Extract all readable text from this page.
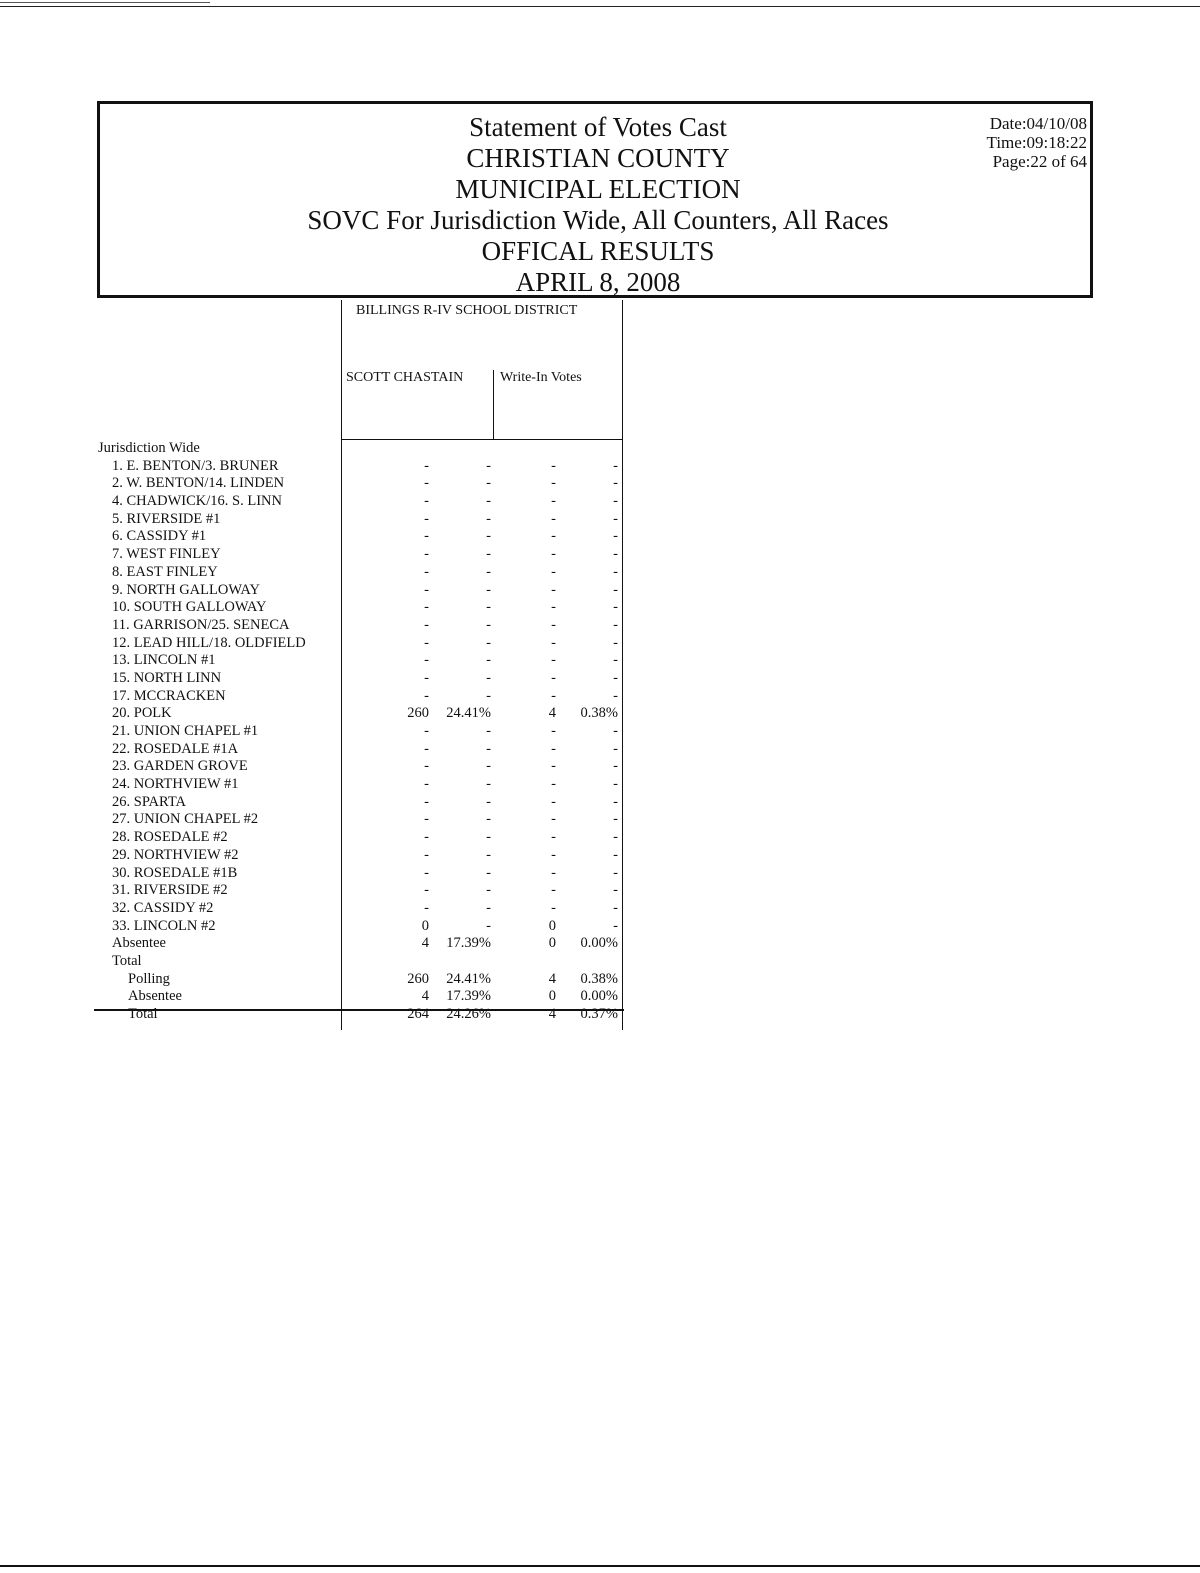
Statement of Votes Cast
CHRISTIAN COUNTY
MUNICIPAL ELECTION
SOVC For Jurisdiction Wide, All Counters, All Races
OFFICAL RESULTS
APRIL 8, 2008
Date:04/10/08
Time:09:18:22
Page:22 of 64
BILLINGS R-IV SCHOOL DISTRICT
SCOTT CHASTAIN	Write-In Votes
Jurisdiction Wide
1. E. BENTON/3. BRUNER	-	-	-	-
2. W. BENTON/14. LINDEN	-	-	-	-
4. CHADWICK/16. S. LINN	-	-	-	-
5. RIVERSIDE #1	-	-	-	-
6. CASSIDY #1	-	-	-	-
7. WEST FINLEY	-	-	-	-
8. EAST FINLEY	-	-	-	-
9. NORTH GALLOWAY	-	-	-	-
10. SOUTH GALLOWAY	-	-	-	-
11. GARRISON/25. SENECA	-	-	-	-
12. LEAD HILL/18. OLDFIELD	-	-	-	-
13. LINCOLN #1	-	-	-	-
15. NORTH LINN	-	-	-	-
17. MCCRACKEN	-	-	-	-
20. POLK	260 24.41%	4 0.38%
21. UNION CHAPEL #1	-	-	-	-
22. ROSEDALE #1A	-	-	-	-
23. GARDEN GROVE	-	-	-	-
24. NORTHVIEW #1	-	-	-	-
26. SPARTA	-	-	-	-
27. UNION CHAPEL #2	-	-	-	-
28. ROSEDALE #2	-	-	-	-
29. NORTHVIEW #2	-	-	-	-
30. ROSEDALE #1B	-	-	-	-
31. RIVERSIDE #2	-	-	-	-
32. CASSIDY #2	-	-	-	-
33. LINCOLN #2	0	-	0	-
Absentee	4 17.39%	0 0.00%
Total
Polling	260 24.41%	4 0.38%
Absentee	4 17.39%	0 0.00%
Total	264 24.26%	4 0.37%
